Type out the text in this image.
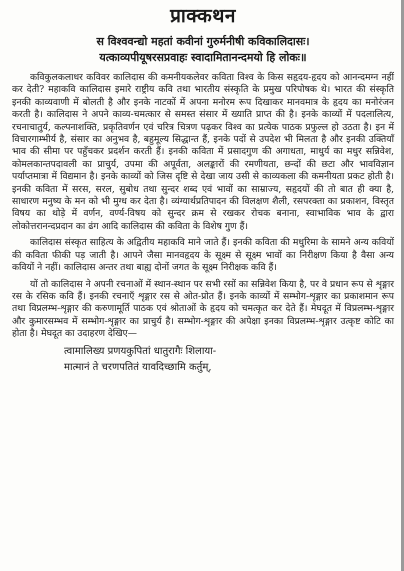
प्राक्कथन
स विश्ववन्द्यो महतां कवीनां गुरुर्मनीषी कविकालिदासः।
यत्काव्यपीयूषरसप्रवाहः स्वादामितानन्दमयो हि लोकः॥

कविकुलकलाधर कविवर कालिदास की कमनीयकलेवर कविता विश्व के किस सहृदय-हृदय को आनन्दमग्न नहीं कर देती? महाकवि कालिदास इमारे राष्ट्रीय कवि तथा भारतीय संस्कृति के प्रमुख परिपोषक थे। भारत की संस्कृति इनकी काव्यवाणी में बोलती है और इनके नाटकों में अपना मनोरम रूप दिखाकर मानवमात्र के हृदय का मनोरंजन करती है। कालिदास ने अपने काव्य-चमत्कार से समस्त संसार में ख्याति प्राप्त की है। इनके काव्यों में पदलालित्य, रचनाचातुर्य, कल्पनाशक्ति, प्रकृतिवर्णन एवं चरित्र चित्रण पढ़कर विश्व का प्रत्येक पाठक प्रफुल्ल हो उठता है। इन में विचारगाम्भीर्य है, संसार का अनुभव है, बहुमूल्य सिद्धान्त हैं, इनके पदों से उपदेश भी मिलता है और इनकी उक्तियाँ भाव की सीमा पर पहुँचकर प्रदर्शन करती हैं। इनकी कविता में प्रसादगुण की अगाधता, माधुर्य का मधुर सन्निवेश, कोमलकान्तपदावली का प्राचुर्य, उपमा की अपूर्वता, अलङ्कारों की रमणीयता, छन्दों की छटा और भावविज्ञान पर्याप्तमात्रा में विद्यमान है। इनके काव्यों को जिस दृष्टि से देखा जाय उसी से काव्यकला की कमनीयता प्रकट होती है। इनकी कविता में सरस, सरल, सुबोध तथा सुन्दर शब्द एवं भावों का साम्राज्य, सहृदयों की तो बात ही क्या है, साधारण मनुष्य के मन को भी मुग्ध कर देता है। व्यंग्यार्थप्रतिपादन की विलक्षण शैली, रसपरक्ता का प्रकाशन, विस्तृत विषय का थोड़े में वर्णन, वर्ण्य-विषय को सुन्दर क्रम से रखकर रोचक बनाना, स्वाभाविक भाव के द्वारा लोकोत्तरानन्दप्रदान का ढंग आदि कालिदास की कविता के विशेष गुण हैं।

कालिदास संस्कृत साहित्य के अद्वितीय महाकवि माने जाते हैं। इनकी कविता की मधुरिमा के सामने अन्य कवियों की कविता फीकी पड़ जाती है। आपने जैसा मानवहृदय के सूक्ष्म से सूक्ष्म भावों का निरीक्षण किया है वैसा अन्य कवियों ने नहीं। कालिदास अन्तर तथा बाह्य दोनों जगत के सूक्ष्म निरीक्षक कवि हैं।

यों तो कालिदास ने अपनी रचनाओं में स्थान-स्थान पर सभी रसों का सन्निवेश किया है, पर वे प्रधान रूप से शृङ्गार रस के रसिक कवि हैं। इनकी रचनाएँ शृङ्गार रस से ओत-प्रोत हैं। इनके काव्यों में सम्भोग-शृङ्गार का प्रकाशमान रूप तथा विप्रलम्भ-शृङ्गार की करुणामूर्ति पाठक एवं श्रोताओं के हृदय को चमत्कृत कर देते हैं। मेघदूत में विप्रलम्भ-शृङ्गार और कुमारसम्भव में सम्भोग-शृङ्गार का प्राचुर्य है। सम्भोग-शृङ्गार की अपेक्षा इनका विप्रलम्भ-शृङ्गार उत्कृष्ट कोटि का होता है। मेघदूत का उदाहरण देखिए—

त्वामालिख्य प्रणयकुपितां धातुरागैः शिलाया-
मात्मानं ते चरणपतितं यावदिच्छामि कर्तुम्,
